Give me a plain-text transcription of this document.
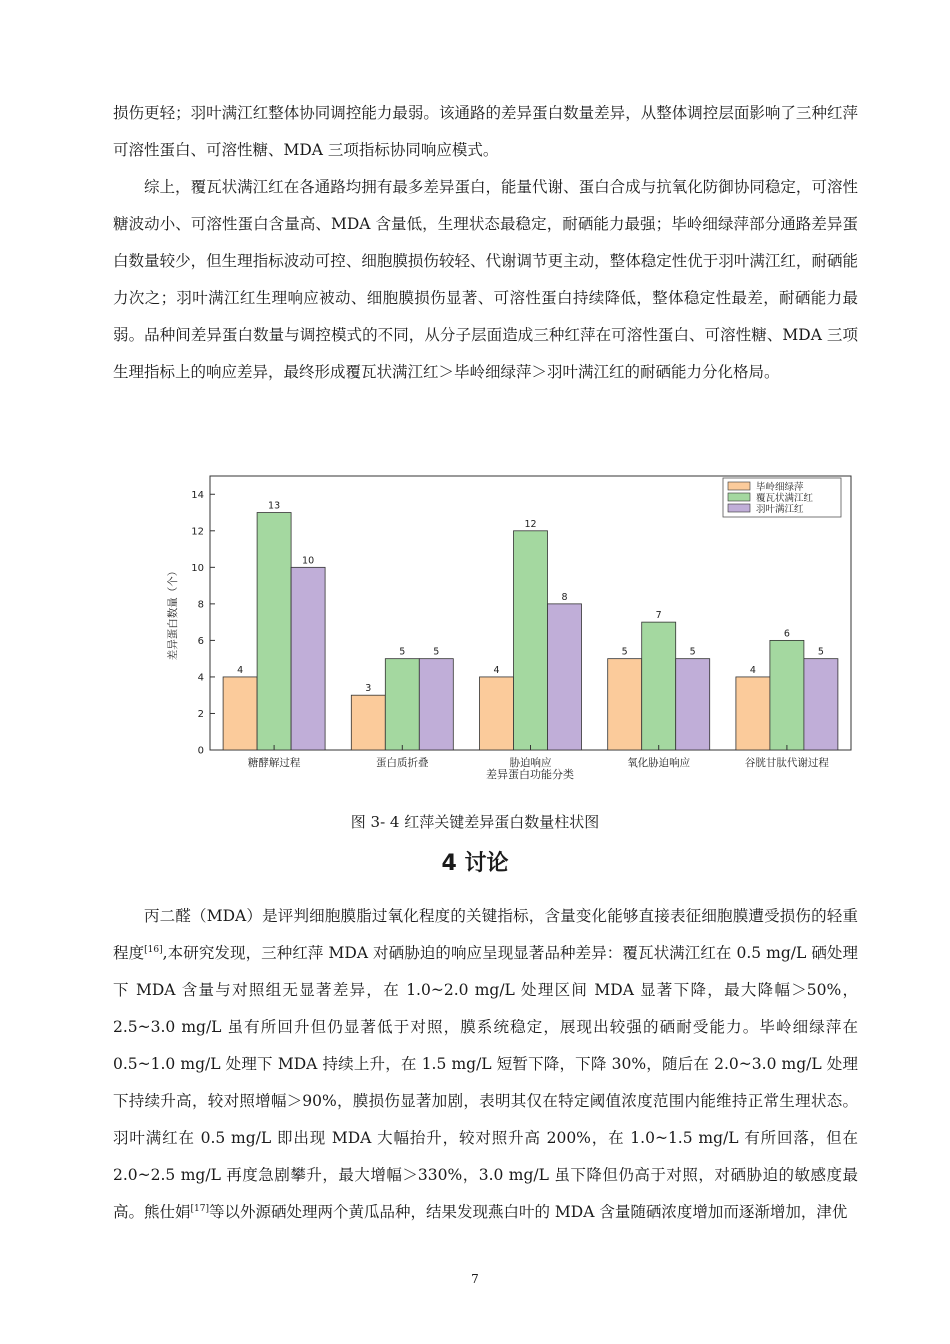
损伤更轻；羽叶满江红整体协同调控能力最弱。该通路的差异蛋白数量差异，从整体调控层面影响了三种红萍可溶性蛋白、可溶性糖、MDA 三项指标协同响应模式。

综上，覆瓦状满江红在各通路均拥有最多差异蛋白，能量代谢、蛋白合成与抗氧化防御协同稳定，可溶性糖波动小、可溶性蛋白含量高、MDA 含量低，生理状态最稳定，耐硒能力最强；毕岭细绿萍部分通路差异蛋白数量较少，但生理指标波动可控、细胞膜损伤较轻、代谢调节更主动，整体稳定性优于羽叶满江红，耐硒能力次之；羽叶满江红生理响应被动、细胞膜损伤显著、可溶性蛋白持续降低，整体稳定性最差，耐硒能力最弱。品种间差异蛋白数量与调控模式的不同，从分子层面造成三种红萍在可溶性蛋白、可溶性糖、MDA 三项生理指标上的响应差异，最终形成覆瓦状满江红＞毕岭细绿萍＞羽叶满江红的耐硒能力分化格局。

0
2
4
6
8
10
12
14
4
13
10
3
5	5
4
12
8
5
7
5
4
6
5
糖酵解过程	蛋白质折叠	胁迫响应	氧化胁迫响应	谷胱甘肽代谢过程
差异蛋白数量（个）
差异蛋白功能分类
毕岭细绿萍
覆瓦状满江红
羽叶满江红

图 3- 4 红萍关键差异蛋白数量柱状图

4 讨论

丙二醛（MDA）是评判细胞膜脂过氧化程度的关键指标，含量变化能够直接表征细胞膜遭受损伤的轻重程度[16],本研究发现，三种红萍 MDA 对硒胁迫的响应呈现显著品种差异：覆瓦状满江红在 0.5 mg/L 硒处理下 MDA 含量与对照组无显著差异，在 1.0~2.0 mg/L 处理区间 MDA 显著下降，最大降幅＞50%，2.5~3.0 mg/L 虽有所回升但仍显著低于对照，膜系统稳定，展现出较强的硒耐受能力。毕岭细绿萍在 0.5~1.0 mg/L 处理下 MDA 持续上升，在 1.5 mg/L 短暂下降，下降 30%，随后在 2.0~3.0 mg/L 处理下持续升高，较对照增幅＞90%，膜损伤显著加剧，表明其仅在特定阈值浓度范围内能维持正常生理状态。羽叶满红在 0.5 mg/L 即出现 MDA 大幅抬升，较对照升高 200%，在 1.0~1.5 mg/L 有所回落，但在 2.0~2.5 mg/L 再度急剧攀升，最大增幅＞330%，3.0 mg/L 虽下降但仍高于对照，对硒胁迫的敏感度最高。熊仕娟[17]等以外源硒处理两个黄瓜品种，结果发现燕白叶的 MDA 含量随硒浓度增加而逐渐增加，津优

7
